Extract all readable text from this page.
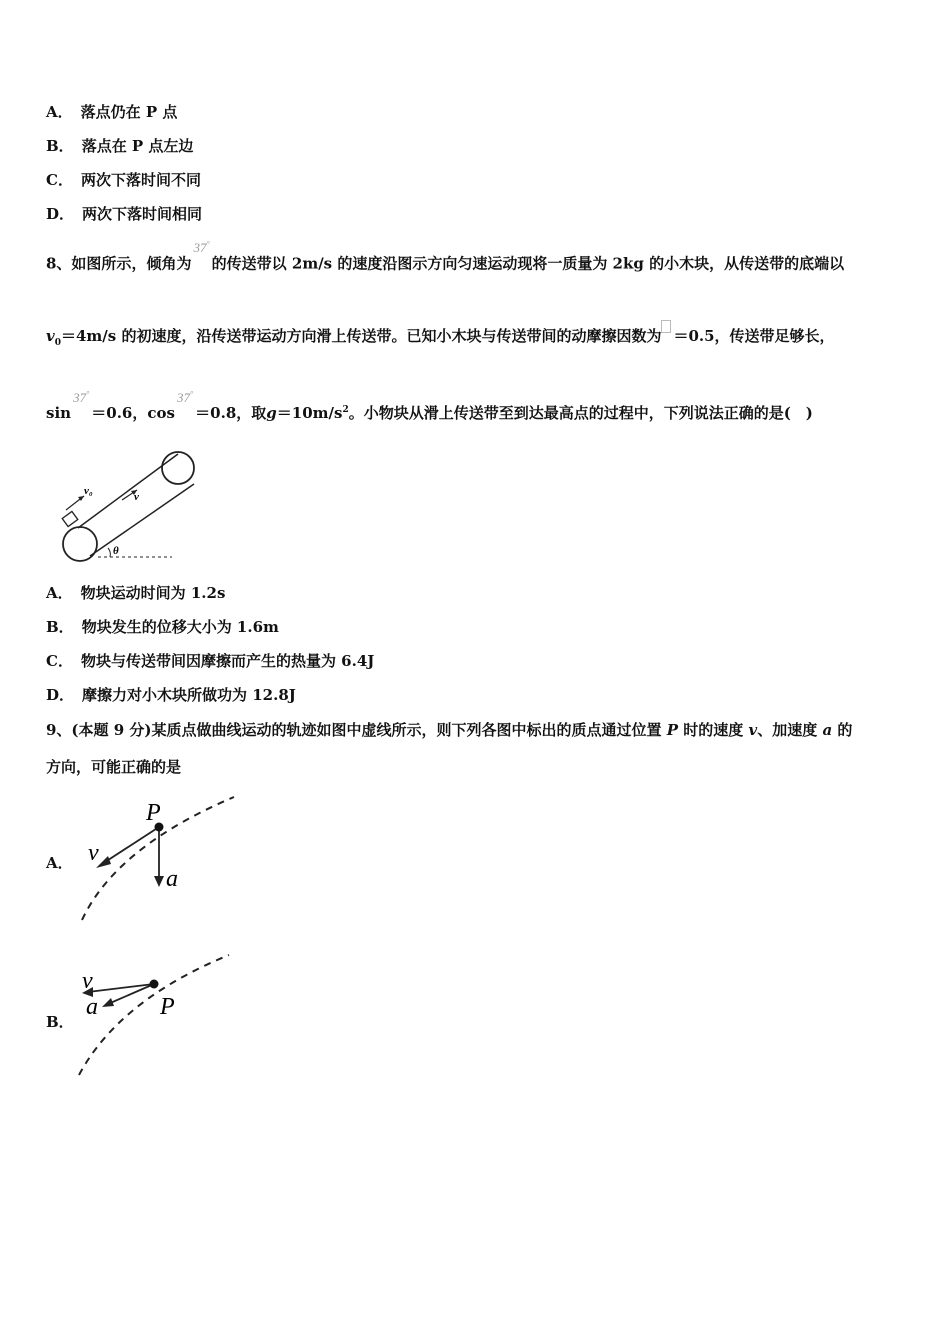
A． 落点仍在 P 点
B． 落点在 P 点左边
C． 两次下落时间不同
D． 两次下落时间相同
8、如图所示，倾角为37°的传送带以 2m/s 的速度沿图示方向匀速运动现将一质量为 2kg 的小木块，从传送带的底端以
$v_0=4m/s$ 的初速度，沿传送带运动方向滑上传送带。已知小木块与传送带间的动摩擦因数为 ＝0.5，传送带足够长，
sin37°＝0.6，cos37°＝0.8，取$g=10m/s^2$。小物块从滑上传送带至到达最高点的过程中，下列说法正确的是(　)
v₀	v
θ
A． 物块运动时间为 1.2s
B． 物块发生的位移大小为 1.6m
C． 物块与传送带间因摩擦而产生的热量为 6.4J
D． 摩擦力对小木块所做功为 12.8J
9、(本题 9 分)某质点做曲线运动的轨迹如图中虚线所示，则下列各图中标出的质点通过位置 P 时的速度 v、加速度 a 的
方向，可能正确的是
A．
P
v
a
B．
P
v
a
